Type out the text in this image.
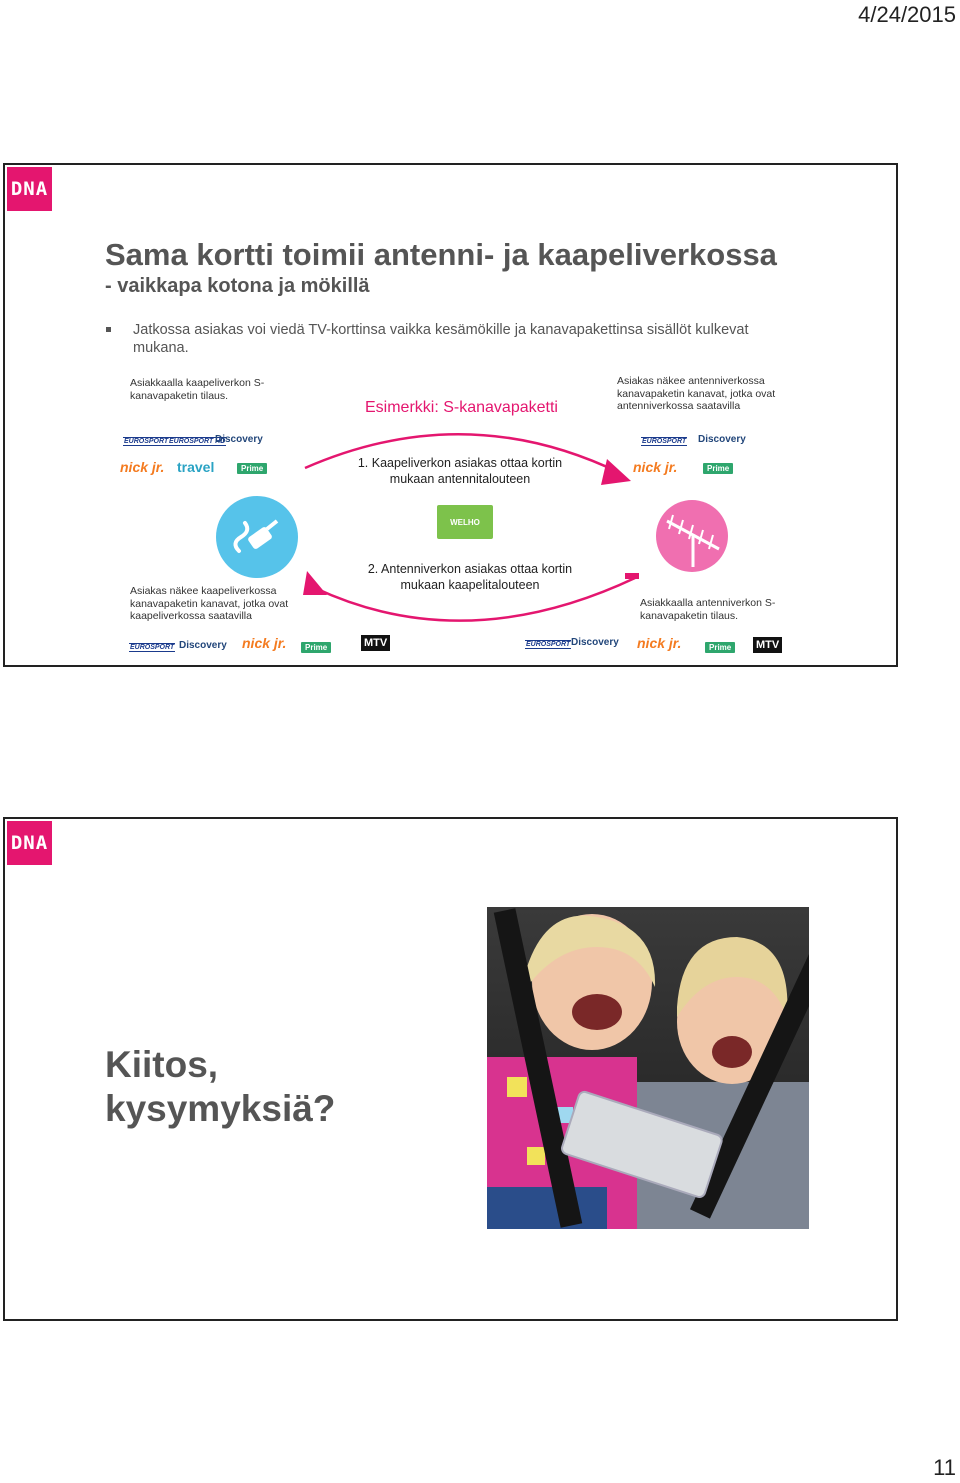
4/24/2015
DNA
Sama kortti toimii antenni- ja kaapeliverkossa
- vaikkapa kotona ja mökillä
Jatkossa asiakas voi viedä TV-korttinsa vaikka kesämökille ja kanavapakettinsa sisällöt kulkevat mukana.
Asiakkaalla kaapeliverkon S-kanavapaketin tilaus.
Esimerkki: S-kanavapaketti
Asiakas näkee antenniverkossa kanavapaketin kanavat, jotka ovat antenniverkossa saatavilla
1. Kaapeliverkon asiakas ottaa kortin mukaan antennitalouteen
2. Antenniverkon asiakas ottaa kortin mukaan kaapelitalouteen
EUROSPORT EUROSPORT HD
Discovery
nick jr. travel	Prime
EUROSPORT Discovery
nick jr.	Prime
WELHO
Asiakas näkee kaapeliverkossa kanavapaketin kanavat, jotka ovat kaapeliverkossa saatavilla
Asiakkaalla antenniverkon S-kanavapaketin tilaus.
EUROSPORT Discovery nick jr.	Prime	MTV	EUROSPORT Discovery nick jr.	Prime	MTV
DNA
Kiitos,
kysymyksiä?
11
